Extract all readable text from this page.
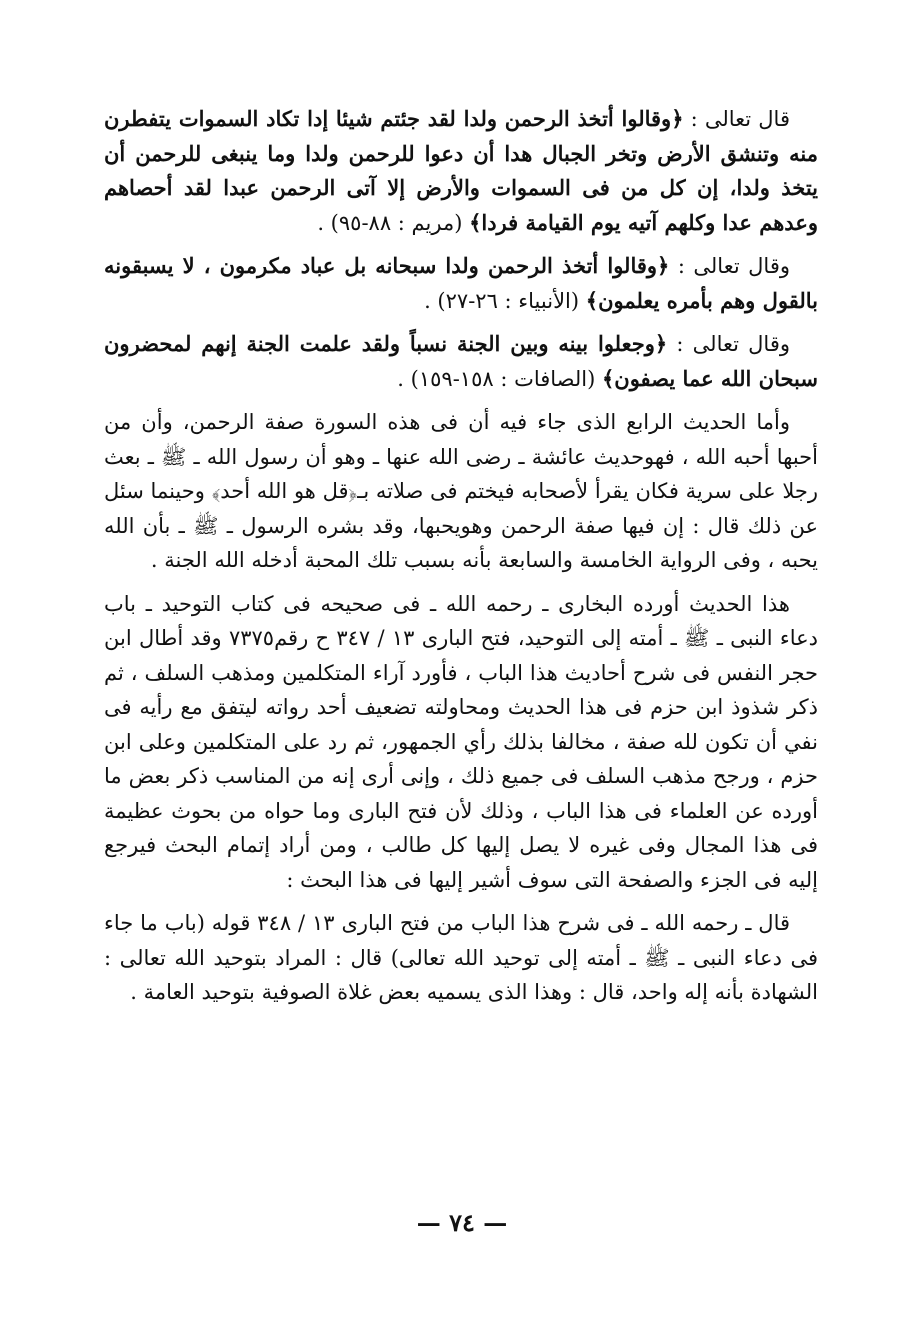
قال تعالى : ﴿وقالوا أتخذ الرحمن ولدا لقد جئتم شيئا إدا تكاد السموات يتفطرن منه وتنشق الأرض وتخر الجبال هدا أن دعوا للرحمن ولدا وما ينبغى للرحمن أن يتخذ ولدا، إن كل من فى السموات والأرض إلا آتى الرحمن عبدا لقد أحصاهم وعدهم عدا وكلهم آتيه يوم القيامة فردا﴾ (مريم : ٨٨-٩٥) .

وقال تعالى : ﴿وقالوا أتخذ الرحمن ولدا سبحانه بل عباد مكرمون ، لا يسبقونه بالقول وهم بأمره يعلمون﴾ (الأنبياء : ٢٦-٢٧) .

وقال تعالى : ﴿وجعلوا بينه وبين الجنة نسباً ولقد علمت الجنة إنهم لمحضرون سبحان الله عما يصفون﴾ (الصافات : ١٥٨-١٥٩) .

وأما الحديث الرابع الذى جاء فيه أن فى هذه السورة صفة الرحمن، وأن من أحبها أحبه الله ، فهوحديث عائشة ـ رضى الله عنها ـ وهو أن رسول الله ـ ﷺ ـ بعث رجلا على سرية فكان يقرأ لأصحابه فيختم فى صلاته بـ﴿قل هو الله أحد﴾ وحينما سئل عن ذلك قال : إن فيها صفة الرحمن وهويحبها، وقد بشره الرسول ـ ﷺ ـ بأن الله يحبه ، وفى الرواية الخامسة والسابعة بأنه بسبب تلك المحبة أدخله الله الجنة .

هذا الحديث أورده البخارى ـ رحمه الله ـ فى صحيحه فى كتاب التوحيد ـ باب دعاء النبى ـ ﷺ ـ أمته إلى التوحيد، فتح البارى ١٣ / ٣٤٧ ح رقم٧٣٧٥ وقد أطال ابن حجر النفس فى شرح أحاديث هذا الباب ، فأورد آراء المتكلمين ومذهب السلف ، ثم ذكر شذوذ ابن حزم فى هذا الحديث ومحاولته تضعيف أحد رواته ليتفق مع رأيه فى نفي أن تكون لله صفة ، مخالفا بذلك رأي الجمهور، ثم رد على المتكلمين وعلى ابن حزم ، ورجح مذهب السلف فى جميع ذلك ، وإنى أرى إنه من المناسب ذكر بعض ما أورده عن العلماء فى هذا الباب ، وذلك لأن فتح البارى وما حواه من بحوث عظيمة فى هذا المجال وفى غيره لا يصل إليها كل طالب ، ومن أراد إتمام البحث فيرجع إليه فى الجزء والصفحة التى سوف أشير إليها فى هذا البحث :

قال ـ رحمه الله ـ فى شرح هذا الباب من فتح البارى ١٣ / ٣٤٨ قوله (باب ما جاء فى دعاء النبى ـ ﷺ ـ أمته إلى توحيد الله تعالى) قال : المراد بتوحيد الله تعالى : الشهادة بأنه إله واحد، قال : وهذا الذى يسميه بعض غلاة الصوفية بتوحيد العامة .

— ٧٤ —
